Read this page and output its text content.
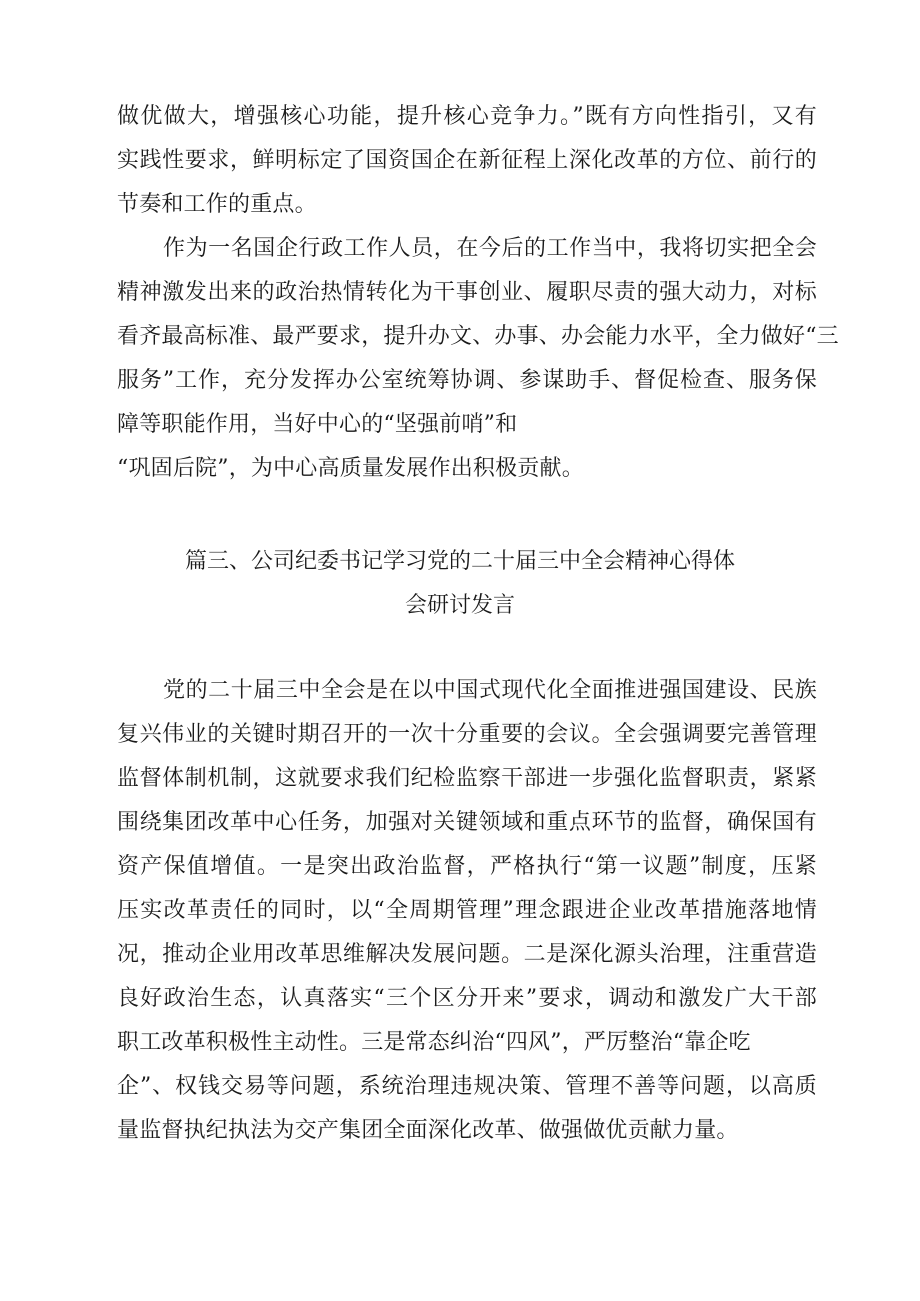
做优做大，增强核心功能，提升核心竞争力。”既有方向性指引，又有
实践性要求，鲜明标定了国资国企在新征程上深化改革的方位、前行的
节奏和工作的重点。
作为一名国企行政工作人员，在今后的工作当中，我将切实把全会
精神激发出来的政治热情转化为干事创业、履职尽责的强大动力，对标
看齐最高标准、最严要求，提升办文、办事、办会能力水平，全力做好“三
服务”工作，充分发挥办公室统筹协调、参谋助手、督促检查、服务保
障等职能作用，当好中心的“坚强前哨”和
“巩固后院”，为中心高质量发展作出积极贡献。
篇三、公司纪委书记学习党的二十届三中全会精神心得体
会研讨发言
党的二十届三中全会是在以中国式现代化全面推进强国建设、民族
复兴伟业的关键时期召开的一次十分重要的会议。全会强调要完善管理
监督体制机制，这就要求我们纪检监察干部进一步强化监督职责，紧紧
围绕集团改革中心任务，加强对关键领域和重点环节的监督，确保国有
资产保值增值。一是突出政治监督，严格执行“第一议题”制度，压紧
压实改革责任的同时，以“全周期管理”理念跟进企业改革措施落地情
况，推动企业用改革思维解决发展问题。二是深化源头治理，注重营造
良好政治生态，认真落实“三个区分开来”要求，调动和激发广大干部
职工改革积极性主动性。三是常态纠治“四风”，严厉整治“靠企吃
企”、权钱交易等问题，系统治理违规决策、管理不善等问题，以高质
量监督执纪执法为交产集团全面深化改革、做强做优贡献力量。
